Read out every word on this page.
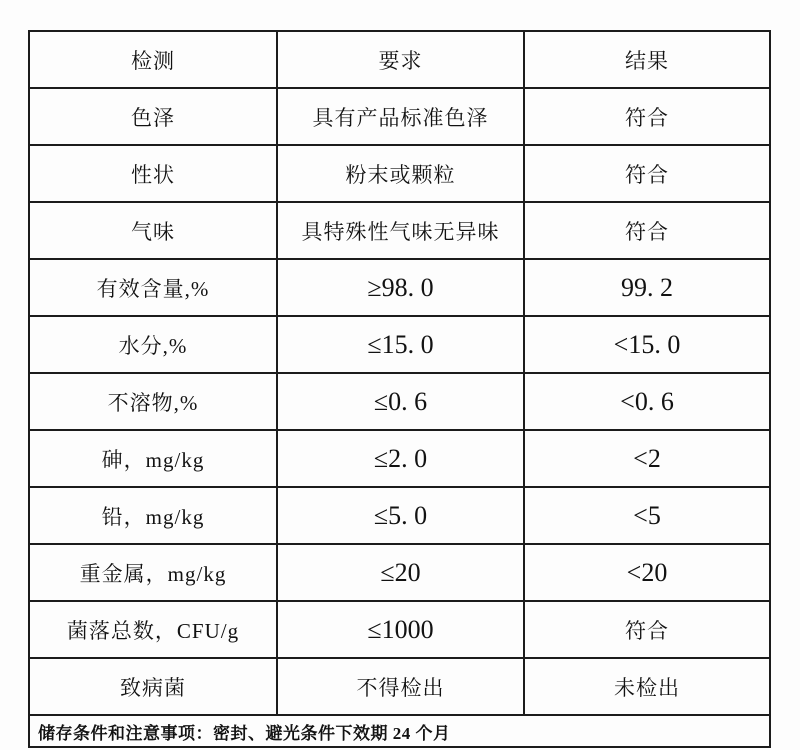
检测	要求	结果
色泽	具有产品标准色泽	符合
性状	粉末或颗粒	符合
气味	具特殊性气味无异味	符合
有效含量,%	≥98. 0	99. 2
水分,%	≤15. 0	<15. 0
不溶物,%	≤0. 6	<0. 6
砷，mg/kg	≤2. 0	<2
铅，mg/kg	≤5. 0	<5
重金属，mg/kg	≤20	<20
菌落总数，CFU/g	≤1000	符合
致病菌	不得检出	未检出
储存条件和注意事项：密封、避光条件下效期 24 个月		
